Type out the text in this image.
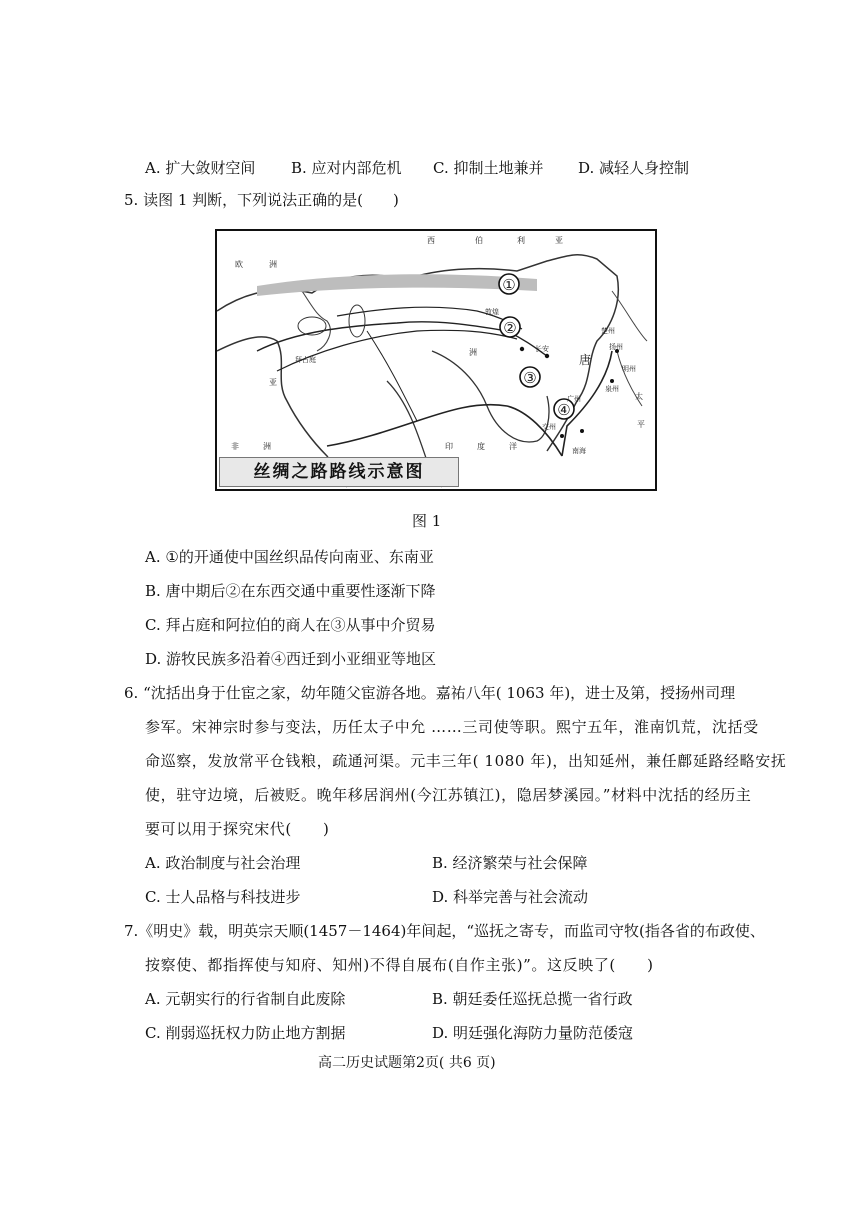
A. 扩大敛财空间 B. 应对内部危机 C. 抑制土地兼并 D. 减轻人身控制
5. 读图 1 判断，下列说法正确的是(　　)
①
②
③
④
西	伯	利	亚
欧	洲
敦煌
拜占庭
长安
唐
洲
亚
非	洲	印	度	洋
太
平
广州
交州
南海
泉州
扬州
楚州
明州
丝绸之路路线示意图
图 1
A. ①的开通使中国丝织品传向南亚、东南亚
B. 唐中期后②在东西交通中重要性逐渐下降
C. 拜占庭和阿拉伯的商人在③从事中介贸易
D. 游牧民族多沿着④西迁到小亚细亚等地区
6. “沈括出身于仕宦之家，幼年随父宦游各地。嘉祐八年( 1063 年)，进士及第，授扬州司理
参军。宋神宗时参与变法，历任太子中允 ……三司使等职。熙宁五年，淮南饥荒，沈括受
命巡察，发放常平仓钱粮，疏通河渠。元丰三年( 1080 年)，出知延州，兼任鄜延路经略安抚
使，驻守边境，后被贬。晚年移居润州(今江苏镇江)，隐居梦溪园。”材料中沈括的经历主
要可以用于探究宋代(　　)
A. 政治制度与社会治理	B. 经济繁荣与社会保障
C. 士人品格与科技进步	D. 科举完善与社会流动
7.《明史》载，明英宗天顺(1457－1464)年间起，“巡抚之寄专，而监司守牧(指各省的布政使、
按察使、都指挥使与知府、知州)不得自展布(自作主张)”。这反映了(　　)
A. 元朝实行的行省制自此废除	B. 朝廷委任巡抚总揽一省行政
C. 削弱巡抚权力防止地方割据	D. 明廷强化海防力量防范倭寇
高二历史试题第2页( 共6 页)
